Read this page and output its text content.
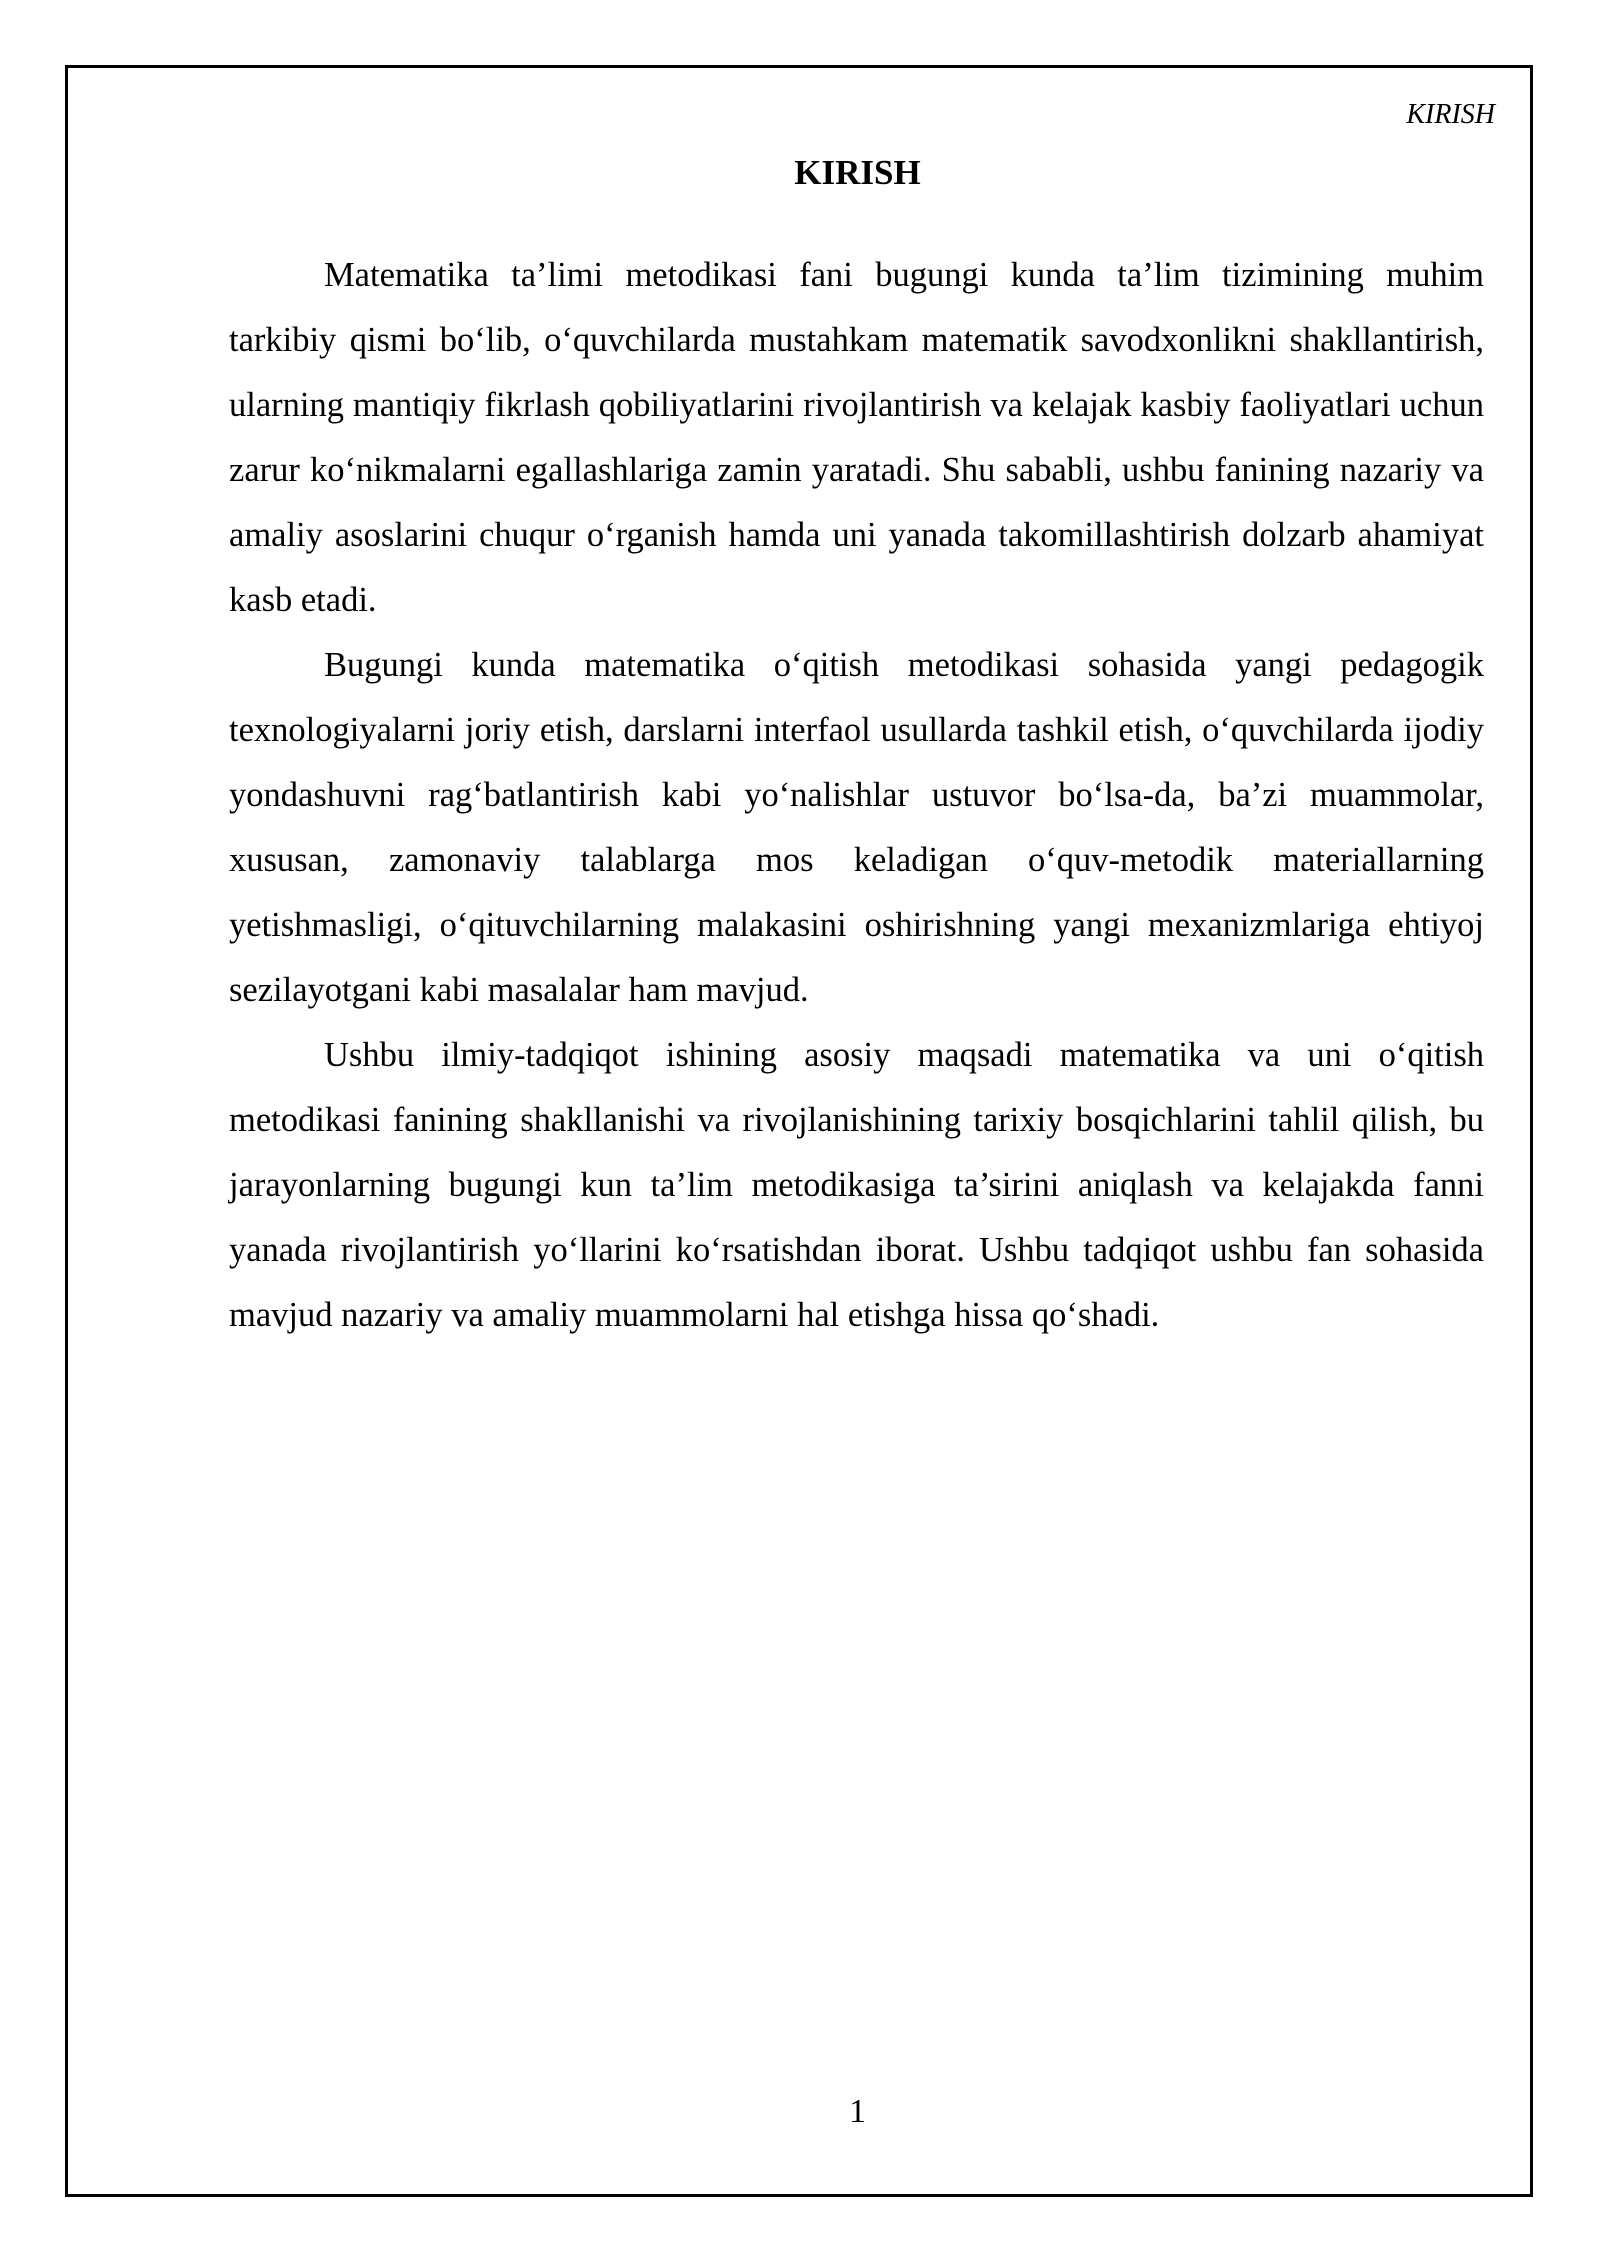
KIRISH
KIRISH

Matematika ta’limi metodikasi fani bugungi kunda ta’lim tizimining muhim tarkibiy qismi bo‘lib, o‘quvchilarda mustahkam matematik savodxonlikni shakllantirish, ularning mantiqiy fikrlash qobiliyatlarini rivojlantirish va kelajak kasbiy faoliyatlari uchun zarur ko‘nikmalarni egallashlariga zamin yaratadi. Shu sababli, ushbu fanining nazariy va amaliy asoslarini chuqur o‘rganish hamda uni yanada takomillashtirish dolzarb ahamiyat kasb etadi.

Bugungi kunda matematika o‘qitish metodikasi sohasida yangi pedagogik texnologiyalarni joriy etish, darslarni interfaol usullarda tashkil etish, o‘quvchilarda ijodiy yondashuvni rag‘batlantirish kabi yo‘nalishlar ustuvor bo‘lsa-da, ba’zi muammolar, xususan, zamonaviy talablarga mos keladigan o‘quv-metodik materiallarning yetishmasligi, o‘qituvchilarning malakasini oshirishning yangi mexanizmlariga ehtiyoj sezilayotgani kabi masalalar ham mavjud.

Ushbu ilmiy-tadqiqot ishining asosiy maqsadi matematika va uni o‘qitish metodikasi fanining shakllanishi va rivojlanishining tarixiy bosqichlarini tahlil qilish, bu jarayonlarning bugungi kun ta’lim metodikasiga ta’sirini aniqlash va kelajakda fanni yanada rivojlantirish yo‘llarini ko‘rsatishdan iborat. Ushbu tadqiqot ushbu fan sohasida mavjud nazariy va amaliy muammolarni hal etishga hissa qo‘shadi.

1
